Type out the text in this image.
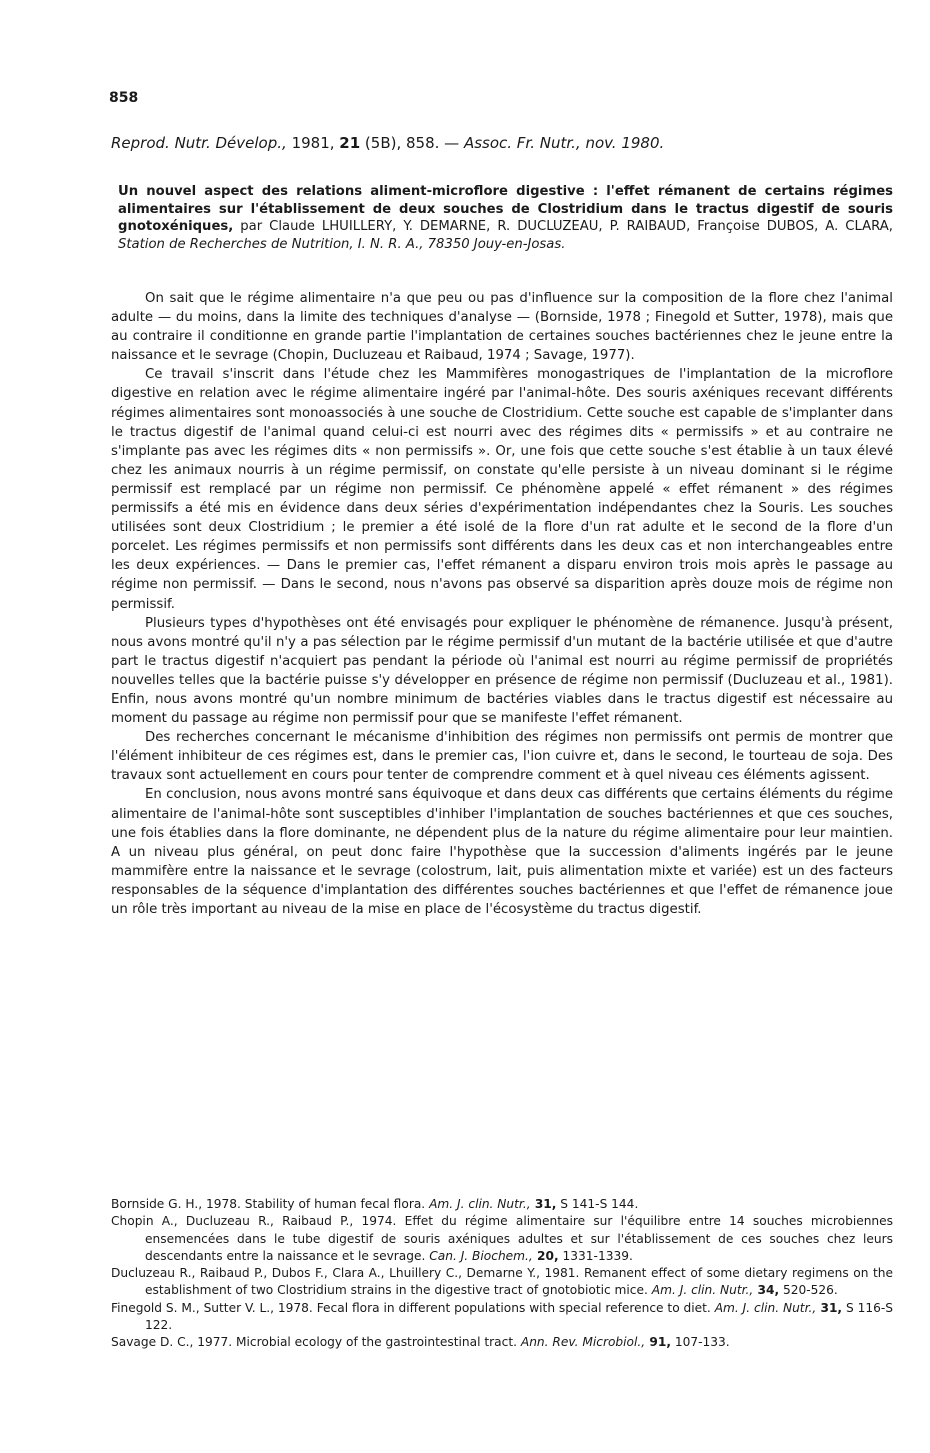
858
Reprod. Nutr. Dévelop., 1981, 21 (5B), 858. — Assoc. Fr. Nutr., nov. 1980.
Un nouvel aspect des relations aliment-microflore digestive : l'effet rémanent de certains régimes alimentaires sur l'établissement de deux souches de Clostridium dans le tractus digestif de souris gnotoxéniques, par Claude LHUILLERY, Y. DEMARNE, R. DUCLUZEAU, P. RAIBAUD, Françoise DUBOS, A. CLARA, Station de Recherches de Nutrition, I. N. R. A., 78350 Jouy-en-Josas.

On sait que le régime alimentaire n'a que peu ou pas d'influence sur la composition de la flore chez l'animal adulte — du moins, dans la limite des techniques d'analyse — (Bornside, 1978 ; Finegold et Sutter, 1978), mais que au contraire il conditionne en grande partie l'implantation de certaines souches bactériennes chez le jeune entre la naissance et le sevrage (Chopin, Ducluzeau et Raibaud, 1974 ; Savage, 1977).

Ce travail s'inscrit dans l'étude chez les Mammifères monogastriques de l'implantation de la microflore digestive en relation avec le régime alimentaire ingéré par l'animal-hôte. Des souris axéniques recevant différents régimes alimentaires sont monoassociés à une souche de Clostridium. Cette souche est capable de s'implanter dans le tractus digestif de l'animal quand celui-ci est nourri avec des régimes dits « permissifs » et au contraire ne s'implante pas avec les régimes dits « non permissifs ». Or, une fois que cette souche s'est établie à un taux élevé chez les animaux nourris à un régime permissif, on constate qu'elle persiste à un niveau dominant si le régime permissif est remplacé par un régime non permissif. Ce phénomène appelé « effet rémanent » des régimes permissifs a été mis en évidence dans deux séries d'expérimentation indépendantes chez la Souris. Les souches utilisées sont deux Clostridium ; le premier a été isolé de la flore d'un rat adulte et le second de la flore d'un porcelet. Les régimes permissifs et non permissifs sont différents dans les deux cas et non interchangeables entre les deux expériences. — Dans le premier cas, l'effet rémanent a disparu environ trois mois après le passage au régime non permissif. — Dans le second, nous n'avons pas observé sa disparition après douze mois de régime non permissif.

Plusieurs types d'hypothèses ont été envisagés pour expliquer le phénomène de rémanence. Jusqu'à présent, nous avons montré qu'il n'y a pas sélection par le régime permissif d'un mutant de la bactérie utilisée et que d'autre part le tractus digestif n'acquiert pas pendant la période où l'animal est nourri au régime permissif de propriétés nouvelles telles que la bactérie puisse s'y développer en présence de régime non permissif (Ducluzeau et al., 1981). Enfin, nous avons montré qu'un nombre minimum de bactéries viables dans le tractus digestif est nécessaire au moment du passage au régime non permissif pour que se manifeste l'effet rémanent.

Des recherches concernant le mécanisme d'inhibition des régimes non permissifs ont permis de montrer que l'élément inhibiteur de ces régimes est, dans le premier cas, l'ion cuivre et, dans le second, le tourteau de soja. Des travaux sont actuellement en cours pour tenter de comprendre comment et à quel niveau ces éléments agissent.

En conclusion, nous avons montré sans équivoque et dans deux cas différents que certains éléments du régime alimentaire de l'animal-hôte sont susceptibles d'inhiber l'implantation de souches bactériennes et que ces souches, une fois établies dans la flore dominante, ne dépendent plus de la nature du régime alimentaire pour leur maintien. A un niveau plus général, on peut donc faire l'hypothèse que la succession d'aliments ingérés par le jeune mammifère entre la naissance et le sevrage (colostrum, lait, puis alimentation mixte et variée) est un des facteurs responsables de la séquence d'implantation des différentes souches bactériennes et que l'effet de rémanence joue un rôle très important au niveau de la mise en place de l'écosystème du tractus digestif.

Bornside G. H., 1978. Stability of human fecal flora. Am. J. clin. Nutr., 31, S 141-S 144.

Chopin A., Ducluzeau R., Raibaud P., 1974. Effet du régime alimentaire sur l'équilibre entre 14 souches microbiennes ensemencées dans le tube digestif de souris axéniques adultes et sur l'établissement de ces souches chez leurs descendants entre la naissance et le sevrage. Can. J. Biochem., 20, 1331-1339.

Ducluzeau R., Raibaud P., Dubos F., Clara A., Lhuillery C., Demarne Y., 1981. Remanent effect of some dietary regimens on the establishment of two Clostridium strains in the digestive tract of gnotobiotic mice. Am. J. clin. Nutr., 34, 520-526.

Finegold S. M., Sutter V. L., 1978. Fecal flora in different populations with special reference to diet. Am. J. clin. Nutr., 31, S 116-S 122.

Savage D. C., 1977. Microbial ecology of the gastrointestinal tract. Ann. Rev. Microbiol., 91, 107-133.
